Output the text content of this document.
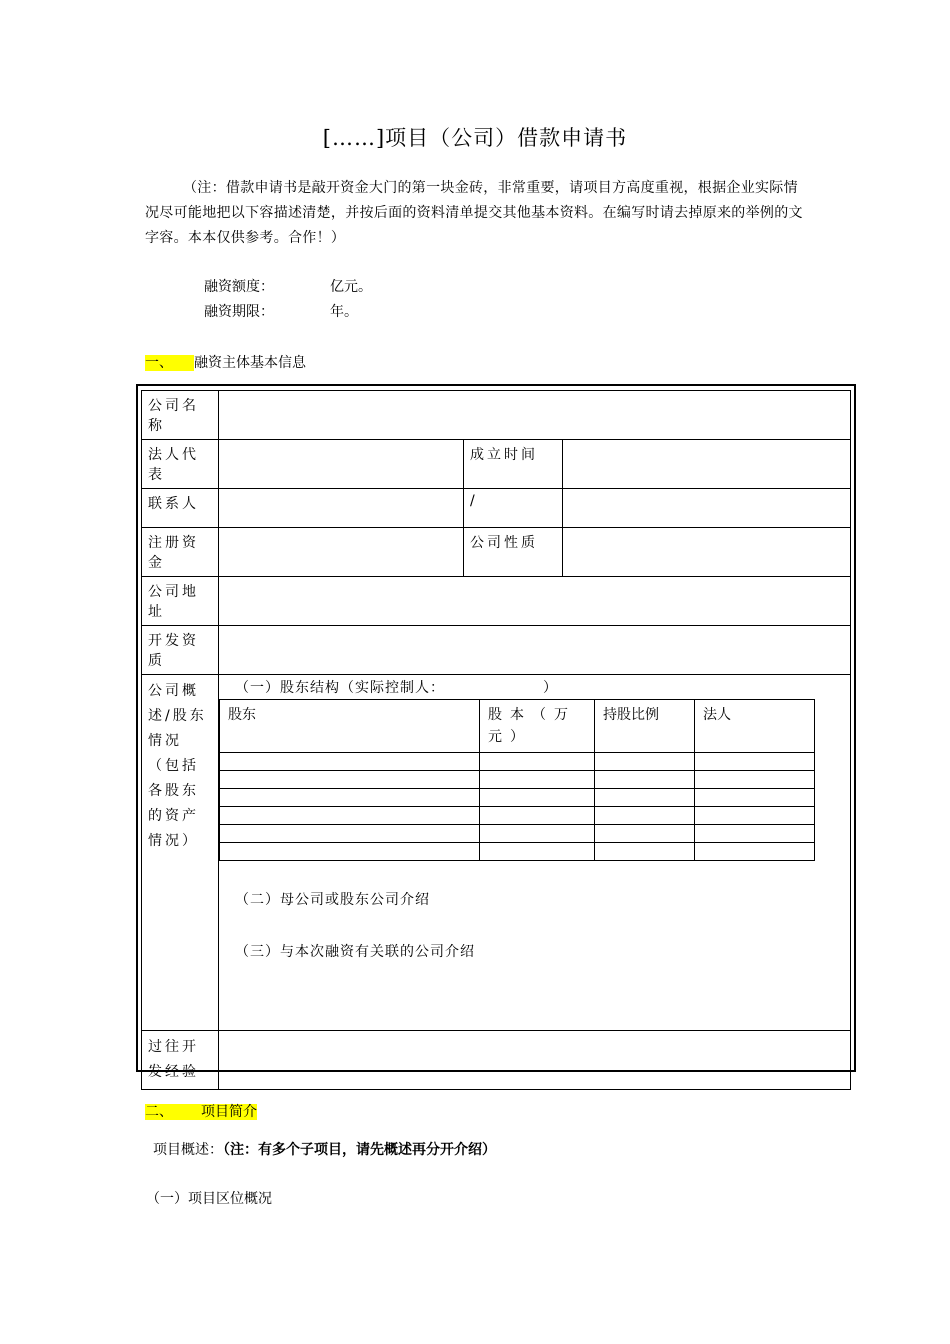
[……]项目（公司）借款申请书
（注：借款申请书是敲开资金大门的第一块金砖，非常重要，请项目方高度重视，根据企业实际情况尽可能地把以下容描述清楚，并按后面的资料清单提交其他基本资料。在编写时请去掉原来的举例的文字容。本本仅供参考。合作！）
融资额度：	亿元。
融资期限：	年。
一、　　 融资主体基本信息
公司名称	
法人代表		成立时间	
联系人		/	
注册资金		公司性质	
公司地址	
开发资质	
公司概述/股东情况（包括各股东的资产情况）	
（一）股东结构（实际控制人：　　　　　　　）
股东	股本（万元）	持股比例	法人

（二）母公司或股东公司介绍
（三）与本次融资有关联的公司介绍

过往开发经验	
二、　 　	项目简介
项目概述：（注：有多个子项目，请先概述再分开介绍）
（一）项目区位概况
